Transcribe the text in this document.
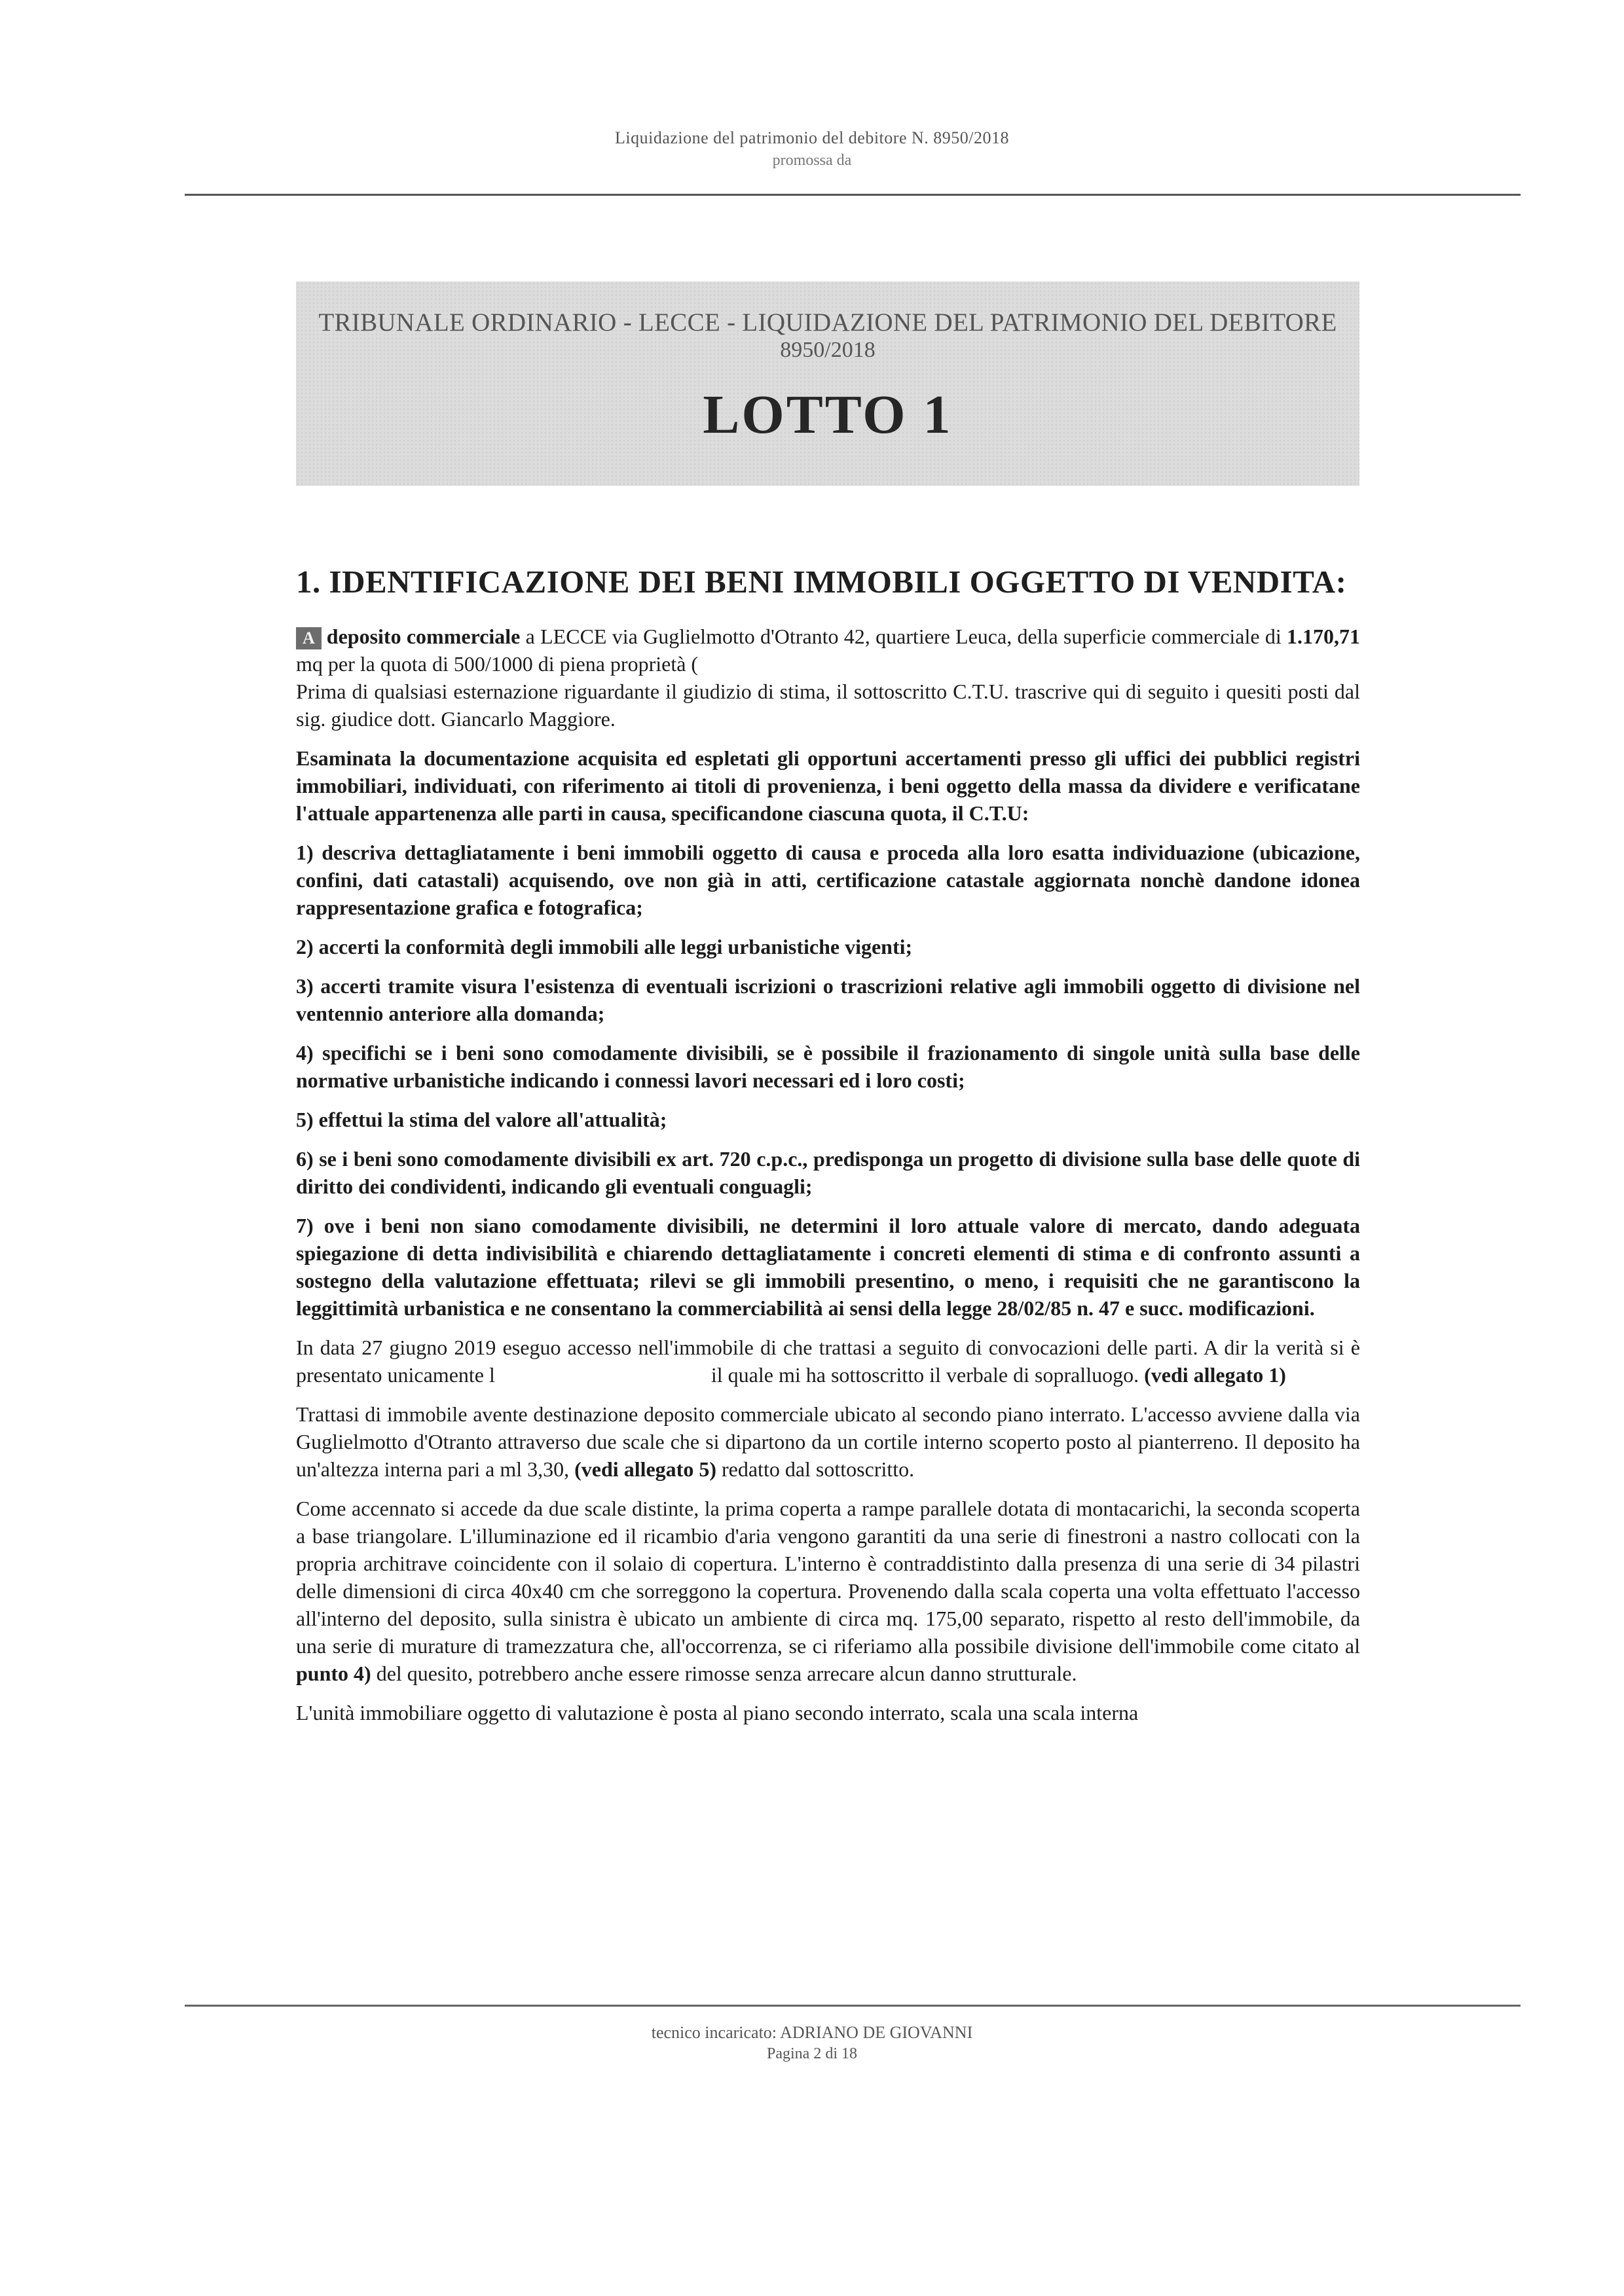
Liquidazione del patrimonio del debitore N. 8950/2018
promossa da
TRIBUNALE ORDINARIO - LECCE - LIQUIDAZIONE DEL PATRIMONIO DEL DEBITORE
8950/2018
LOTTO 1
1. IDENTIFICAZIONE DEI BENI IMMOBILI OGGETTO DI VENDITA:

A deposito commerciale a LECCE via Guglielmotto d'Otranto 42, quartiere Leuca, della superficie commerciale di 1.170,71 mq per la quota di 500/1000 di piena proprietà (
Prima di qualsiasi esternazione riguardante il giudizio di stima, il sottoscritto C.T.U. trascrive qui di seguito i quesiti posti dal sig. giudice dott. Giancarlo Maggiore.

Esaminata la documentazione acquisita ed espletati gli opportuni accertamenti presso gli uffici dei pubblici registri immobiliari, individuati, con riferimento ai titoli di provenienza, i beni oggetto della massa da dividere e verificatane l'attuale appartenenza alle parti in causa, specificandone ciascuna quota, il C.T.U:

1) descriva dettagliatamente i beni immobili oggetto di causa e proceda alla loro esatta individuazione (ubicazione, confini, dati catastali) acquisendo, ove non già in atti, certificazione catastale aggiornata nonchè dandone idonea rappresentazione grafica e fotografica;

2) accerti la conformità degli immobili alle leggi urbanistiche vigenti;

3) accerti tramite visura l'esistenza di eventuali iscrizioni o trascrizioni relative agli immobili oggetto di divisione nel ventennio anteriore alla domanda;

4) specifichi se i beni sono comodamente divisibili, se è possibile il frazionamento di singole unità sulla base delle normative urbanistiche indicando i connessi lavori necessari ed i loro costi;

5) effettui la stima del valore all'attualità;

6) se i beni sono comodamente divisibili ex art. 720 c.p.c., predisponga un progetto di divisione sulla base delle quote di diritto dei condividenti, indicando gli eventuali conguagli;

7) ove i beni non siano comodamente divisibili, ne determini il loro attuale valore di mercato, dando adeguata spiegazione di detta indivisibilità e chiarendo dettagliatamente i concreti elementi di stima e di confronto assunti a sostegno della valutazione effettuata; rilevi se gli immobili presentino, o meno, i requisiti che ne garantiscono la leggittimità urbanistica e ne consentano la commerciabilità ai sensi della legge 28/02/85 n. 47 e succ. modificazioni.

In data 27 giugno 2019 eseguo accesso nell'immobile di che trattasi a seguito di convocazioni delle parti. A dir la verità si è presentato unicamente l	il quale mi ha sottoscritto il verbale di sopralluogo. (vedi allegato 1)

Trattasi di immobile avente destinazione deposito commerciale ubicato al secondo piano interrato. L'accesso avviene dalla via Guglielmotto d'Otranto attraverso due scale che si dipartono da un cortile interno scoperto posto al pianterreno. Il deposito ha un'altezza interna pari a ml 3,30, (vedi allegato 5) redatto dal sottoscritto.

Come accennato si accede da due scale distinte, la prima coperta a rampe parallele dotata di montacarichi, la seconda scoperta a base triangolare. L'illuminazione ed il ricambio d'aria vengono garantiti da una serie di finestroni a nastro collocati con la propria architrave coincidente con il solaio di copertura. L'interno è contraddistinto dalla presenza di una serie di 34 pilastri delle dimensioni di circa 40x40 cm che sorreggono la copertura. Provenendo dalla scala coperta una volta effettuato l'accesso all'interno del deposito, sulla sinistra è ubicato un ambiente di circa mq. 175,00 separato, rispetto al resto dell'immobile, da una serie di murature di tramezzatura che, all'occorrenza, se ci riferiamo alla possibile divisione dell'immobile come citato al punto 4) del quesito, potrebbero anche essere rimosse senza arrecare alcun danno strutturale.

L'unità immobiliare oggetto di valutazione è posta al piano secondo interrato, scala una scala interna

tecnico incaricato: ADRIANO DE GIOVANNI
Pagina 2 di 18
